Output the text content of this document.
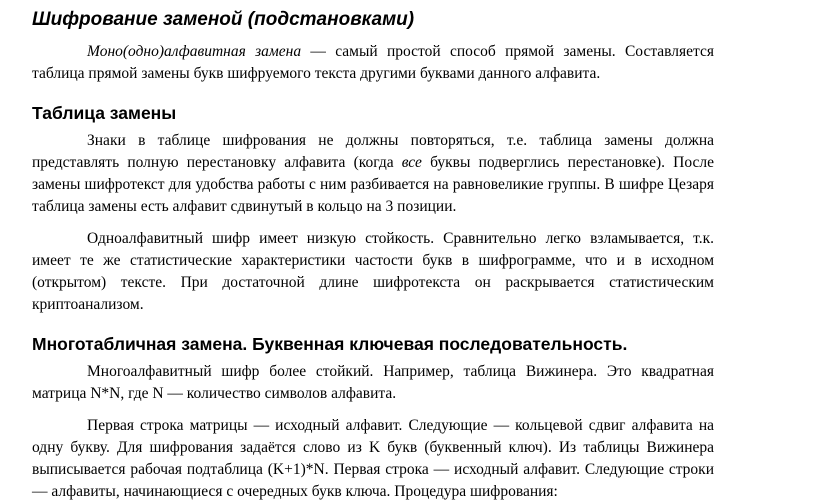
Шифрование заменой (подстановками)

Моно(одно)алфавитная замена — самый простой способ прямой замены. Составляется таблица прямой замены букв шифруемого текста другими буквами данного алфавита.

Таблица замены

Знаки в таблице шифрования не должны повторяться, т.е. таблица замены должна представлять полную перестановку алфавита (когда все буквы подверглись перестановке). После замены шифротекст для удобства работы с ним разбивается на равновеликие группы. В шифре Цезаря таблица замены есть алфавит сдвинутый в кольцо на 3 позиции.

Одноалфавитный шифр имеет низкую стойкость. Сравнительно легко взламывается, т.к. имеет те же статистические характеристики частости букв в шифрограмме, что и в исходном (открытом) тексте. При достаточной длине шифротекста он раскрывается статистическим криптоанализом.

Многотабличная замена. Буквенная ключевая последовательность.

Многоалфавитный шифр более стойкий. Например, таблица Вижинера. Это квадратная матрица N*N, где N — количество символов алфавита.

Первая строка матрицы — исходный алфавит. Следующие — кольцевой сдвиг алфавита на одну букву. Для шифрования задаётся слово из K букв (буквенный ключ). Из таблицы Вижинера выписывается рабочая подтаблица (K+1)*N. Первая строка — исходный алфавит. Следующие строки — алфавиты, начинающиеся с очередных букв ключа. Процедура шифрования:
